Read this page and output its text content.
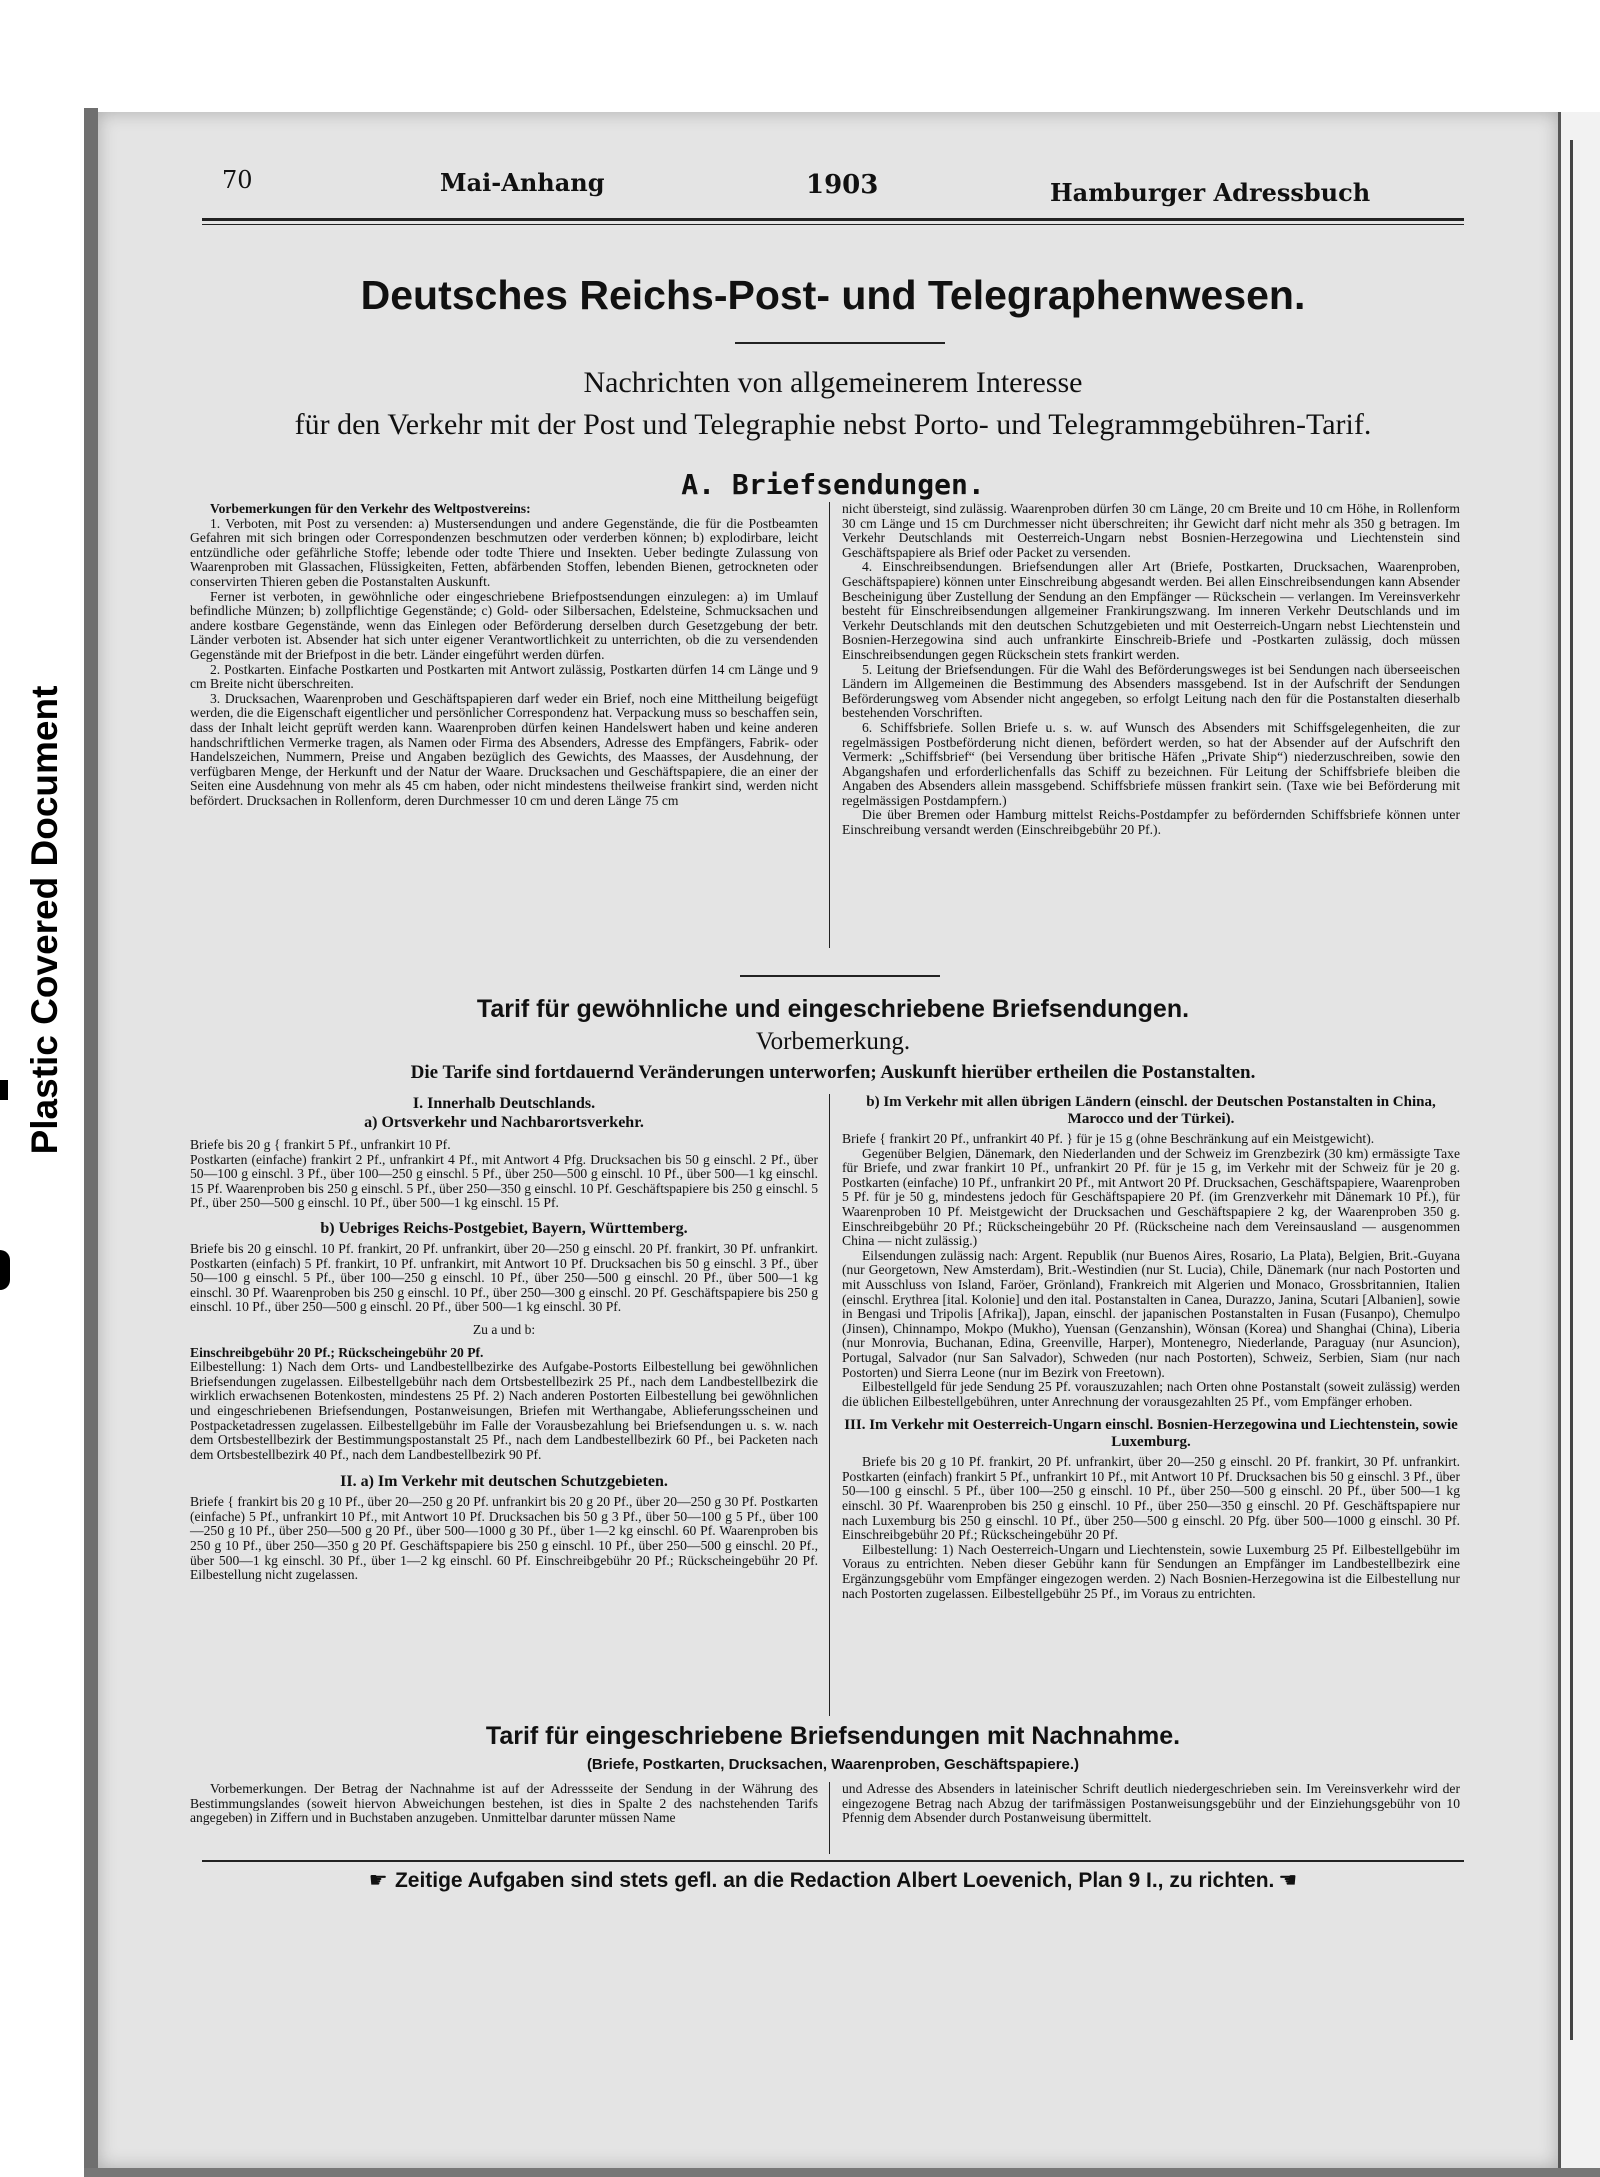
Plastic Covered Document
70	Mai-Anhang	1903	Hamburger Adressbuch
Deutsches Reichs-Post- und Telegraphenwesen.
Nachrichten von allgemeinerem Interesse
für den Verkehr mit der Post und Telegraphie nebst Porto- und Telegrammgebühren-Tarif.
A. Briefsendungen.

Vorbemerkungen für den Verkehr des Weltpostvereins:

1. Verboten, mit Post zu versenden: a) Mustersendungen und andere Gegenstände, die für die Postbeamten Gefahren mit sich bringen oder Correspondenzen beschmutzen oder verderben können; b) explodirbare, leicht entzündliche oder gefährliche Stoffe; lebende oder todte Thiere und Insekten. Ueber bedingte Zulassung von Waarenproben mit Glassachen, Flüssigkeiten, Fetten, abfärbenden Stoffen, lebenden Bienen, getrockneten oder conservirten Thieren geben die Postanstalten Auskunft.

Ferner ist verboten, in gewöhnliche oder eingeschriebene Briefpostsendungen einzulegen: a) im Umlauf befindliche Münzen; b) zollpflichtige Gegenstände; c) Gold- oder Silbersachen, Edelsteine, Schmucksachen und andere kostbare Gegenstände, wenn das Einlegen oder Beförderung derselben durch Gesetzgebung der betr. Länder verboten ist. Absender hat sich unter eigener Verantwortlichkeit zu unterrichten, ob die zu versendenden Gegenstände mit der Briefpost in die betr. Länder eingeführt werden dürfen.

2. Postkarten. Einfache Postkarten und Postkarten mit Antwort zulässig, Postkarten dürfen 14 cm Länge und 9 cm Breite nicht überschreiten.

3. Drucksachen, Waarenproben und Geschäftspapieren darf weder ein Brief, noch eine Mittheilung beigefügt werden, die die Eigenschaft eigentlicher und persönlicher Correspondenz hat. Verpackung muss so beschaffen sein, dass der Inhalt leicht geprüft werden kann. Waarenproben dürfen keinen Handelswert haben und keine anderen handschriftlichen Vermerke tragen, als Namen oder Firma des Absenders, Adresse des Empfängers, Fabrik- oder Handelszeichen, Nummern, Preise und Angaben bezüglich des Gewichts, des Maasses, der Ausdehnung, der verfügbaren Menge, der Herkunft und der Natur der Waare. Drucksachen und Geschäftspapiere, die an einer der Seiten eine Ausdehnung von mehr als 45 cm haben, oder nicht mindestens theilweise frankirt sind, werden nicht befördert. Drucksachen in Rollenform, deren Durchmesser 10 cm und deren Länge 75 cm

nicht übersteigt, sind zulässig. Waarenproben dürfen 30 cm Länge, 20 cm Breite und 10 cm Höhe, in Rollenform 30 cm Länge und 15 cm Durchmesser nicht überschreiten; ihr Gewicht darf nicht mehr als 350 g betragen. Im Verkehr Deutschlands mit Oesterreich-Ungarn nebst Bosnien-Herzegowina und Liechtenstein sind Geschäftspapiere als Brief oder Packet zu versenden.

4. Einschreibsendungen. Briefsendungen aller Art (Briefe, Postkarten, Drucksachen, Waarenproben, Geschäftspapiere) können unter Einschreibung abgesandt werden. Bei allen Einschreibsendungen kann Absender Bescheinigung über Zustellung der Sendung an den Empfänger — Rückschein — verlangen. Im Vereinsverkehr besteht für Einschreibsendungen allgemeiner Frankirungszwang. Im inneren Verkehr Deutschlands und im Verkehr Deutschlands mit den deutschen Schutzgebieten und mit Oesterreich-Ungarn nebst Liechtenstein und Bosnien-Herzegowina sind auch unfrankirte Einschreib-Briefe und -Postkarten zulässig, doch müssen Einschreibsendungen gegen Rückschein stets frankirt werden.

5. Leitung der Briefsendungen. Für die Wahl des Beförderungsweges ist bei Sendungen nach überseeischen Ländern im Allgemeinen die Bestimmung des Absenders massgebend. Ist in der Aufschrift der Sendungen Beförderungsweg vom Absender nicht angegeben, so erfolgt Leitung nach den für die Postanstalten dieserhalb bestehenden Vorschriften.

6. Schiffsbriefe. Sollen Briefe u. s. w. auf Wunsch des Absenders mit Schiffsgelegenheiten, die zur regelmässigen Postbeförderung nicht dienen, befördert werden, so hat der Absender auf der Aufschrift den Vermerk: „Schiffsbrief“ (bei Versendung über britische Häfen „Private Ship“) niederzuschreiben, sowie den Abgangshafen und erforderlichenfalls das Schiff zu bezeichnen. Für Leitung der Schiffsbriefe bleiben die Angaben des Absenders allein massgebend. Schiffsbriefe müssen frankirt sein. (Taxe wie bei Beförderung mit regelmässigen Postdampfern.)

Die über Bremen oder Hamburg mittelst Reichs-Postdampfer zu befördernden Schiffsbriefe können unter Einschreibung versandt werden (Einschreibgebühr 20 Pf.).

Tarif für gewöhnliche und eingeschriebene Briefsendungen.
Vorbemerkung.
Die Tarife sind fortdauernd Veränderungen unterworfen; Auskunft hierüber ertheilen die Postanstalten.

I. Innerhalb Deutschlands.

a) Ortsverkehr und Nachbarortsverkehr.

Briefe bis 20 g { frankirt 5 Pf., unfrankirt 10 Pf.

Postkarten (einfache) frankirt 2 Pf., unfrankirt 4 Pf., mit Antwort 4 Pfg. Drucksachen bis 50 g einschl. 2 Pf., über 50—100 g einschl. 3 Pf., über 100—250 g einschl. 5 Pf., über 250—500 g einschl. 10 Pf., über 500—1 kg einschl. 15 Pf. Waarenproben bis 250 g einschl. 5 Pf., über 250—350 g einschl. 10 Pf. Geschäftspapiere bis 250 g einschl. 5 Pf., über 250—500 g einschl. 10 Pf., über 500—1 kg einschl. 15 Pf.

b) Uebriges Reichs-Postgebiet, Bayern, Württemberg.

Briefe bis 20 g einschl. 10 Pf. frankirt, 20 Pf. unfrankirt, über 20—250 g einschl. 20 Pf. frankirt, 30 Pf. unfrankirt. Postkarten (einfach) 5 Pf. frankirt, 10 Pf. unfrankirt, mit Antwort 10 Pf. Drucksachen bis 50 g einschl. 3 Pf., über 50—100 g einschl. 5 Pf., über 100—250 g einschl. 10 Pf., über 250—500 g einschl. 20 Pf., über 500—1 kg einschl. 30 Pf. Waarenproben bis 250 g einschl. 10 Pf., über 250—300 g einschl. 20 Pf. Geschäftspapiere bis 250 g einschl. 10 Pf., über 250—500 g einschl. 20 Pf., über 500—1 kg einschl. 30 Pf.

Zu a und b:

Einschreibgebühr 20 Pf.; Rückscheingebühr 20 Pf.

Eilbestellung: 1) Nach dem Orts- und Landbestellbezirke des Aufgabe-Postorts Eilbestellung bei gewöhnlichen Briefsendungen zugelassen. Eilbestellgebühr nach dem Ortsbestellbezirk 25 Pf., nach dem Landbestellbezirk die wirklich erwachsenen Botenkosten, mindestens 25 Pf. 2) Nach anderen Postorten Eilbestellung bei gewöhnlichen und eingeschriebenen Briefsendungen, Postanweisungen, Briefen mit Werthangabe, Ablieferungsscheinen und Postpacketadressen zugelassen. Eilbestellgebühr im Falle der Vorausbezahlung bei Briefsendungen u. s. w. nach dem Ortsbestellbezirk der Bestimmungspostanstalt 25 Pf., nach dem Landbestellbezirk 60 Pf., bei Packeten nach dem Ortsbestellbezirk 40 Pf., nach dem Landbestellbezirk 90 Pf.

II. a) Im Verkehr mit deutschen Schutzgebieten.

Briefe { frankirt bis 20 g 10 Pf., über 20—250 g 20 Pf. unfrankirt bis 20 g 20 Pf., über 20—250 g 30 Pf. Postkarten (einfache) 5 Pf., unfrankirt 10 Pf., mit Antwort 10 Pf. Drucksachen bis 50 g 3 Pf., über 50—100 g 5 Pf., über 100—250 g 10 Pf., über 250—500 g 20 Pf., über 500—1000 g 30 Pf., über 1—2 kg einschl. 60 Pf. Waarenproben bis 250 g 10 Pf., über 250—350 g 20 Pf. Geschäftspapiere bis 250 g einschl. 10 Pf., über 250—500 g einschl. 20 Pf., über 500—1 kg einschl. 30 Pf., über 1—2 kg einschl. 60 Pf. Einschreibgebühr 20 Pf.; Rückscheingebühr 20 Pf. Eilbestellung nicht zugelassen.

b) Im Verkehr mit allen übrigen Ländern (einschl. der Deutschen Postanstalten in China, Marocco und der Türkei).

Briefe { frankirt 20 Pf., unfrankirt 40 Pf. } für je 15 g (ohne Beschränkung auf ein Meistgewicht).

Gegenüber Belgien, Dänemark, den Niederlanden und der Schweiz im Grenzbezirk (30 km) ermässigte Taxe für Briefe, und zwar frankirt 10 Pf., unfrankirt 20 Pf. für je 15 g, im Verkehr mit der Schweiz für je 20 g. Postkarten (einfache) 10 Pf., unfrankirt 20 Pf., mit Antwort 20 Pf. Drucksachen, Geschäftspapiere, Waarenproben 5 Pf. für je 50 g, mindestens jedoch für Geschäftspapiere 20 Pf. (im Grenzverkehr mit Dänemark 10 Pf.), für Waarenproben 10 Pf. Meistgewicht der Drucksachen und Geschäftspapiere 2 kg, der Waarenproben 350 g. Einschreibgebühr 20 Pf.; Rückscheingebühr 20 Pf. (Rückscheine nach dem Vereinsausland — ausgenommen China — nicht zulässig.)

Eilsendungen zulässig nach: Argent. Republik (nur Buenos Aires, Rosario, La Plata), Belgien, Brit.-Guyana (nur Georgetown, New Amsterdam), Brit.-Westindien (nur St. Lucia), Chile, Dänemark (nur nach Postorten und mit Ausschluss von Island, Faröer, Grönland), Frankreich mit Algerien und Monaco, Grossbritannien, Italien (einschl. Erythrea [ital. Kolonie] und den ital. Postanstalten in Canea, Durazzo, Janina, Scutari [Albanien], sowie in Bengasi und Tripolis [Afrika]), Japan, einschl. der japanischen Postanstalten in Fusan (Fusanpo), Chemulpo (Jinsen), Chinnampo, Mokpo (Mukho), Yuensan (Genzanshin), Wönsan (Korea) und Shanghai (China), Liberia (nur Monrovia, Buchanan, Edina, Greenville, Harper), Montenegro, Niederlande, Paraguay (nur Asuncion), Portugal, Salvador (nur San Salvador), Schweden (nur nach Postorten), Schweiz, Serbien, Siam (nur nach Postorten) und Sierra Leone (nur im Bezirk von Freetown).

Eilbestellgeld für jede Sendung 25 Pf. vorauszuzahlen; nach Orten ohne Postanstalt (soweit zulässig) werden die üblichen Eilbestellgebühren, unter Anrechnung der vorausgezahlten 25 Pf., vom Empfänger erhoben.

III. Im Verkehr mit Oesterreich-Ungarn einschl. Bosnien-Herzegowina und Liechtenstein, sowie Luxemburg.

Briefe bis 20 g 10 Pf. frankirt, 20 Pf. unfrankirt, über 20—250 g einschl. 20 Pf. frankirt, 30 Pf. unfrankirt. Postkarten (einfach) frankirt 5 Pf., unfrankirt 10 Pf., mit Antwort 10 Pf. Drucksachen bis 50 g einschl. 3 Pf., über 50—100 g einschl. 5 Pf., über 100—250 g einschl. 10 Pf., über 250—500 g einschl. 20 Pf., über 500—1 kg einschl. 30 Pf. Waarenproben bis 250 g einschl. 10 Pf., über 250—350 g einschl. 20 Pf. Geschäftspapiere nur nach Luxemburg bis 250 g einschl. 10 Pf., über 250—500 g einschl. 20 Pfg. über 500—1000 g einschl. 30 Pf. Einschreibgebühr 20 Pf.; Rückscheingebühr 20 Pf.

Eilbestellung: 1) Nach Oesterreich-Ungarn und Liechtenstein, sowie Luxemburg 25 Pf. Eilbestellgebühr im Voraus zu entrichten. Neben dieser Gebühr kann für Sendungen an Empfänger im Landbestellbezirk eine Ergänzungsgebühr vom Empfänger eingezogen werden. 2) Nach Bosnien-Herzegowina ist die Eilbestellung nur nach Postorten zugelassen. Eilbestellgebühr 25 Pf., im Voraus zu entrichten.

Tarif für eingeschriebene Briefsendungen mit Nachnahme.
(Briefe, Postkarten, Drucksachen, Waarenproben, Geschäftspapiere.)

Vorbemerkungen. Der Betrag der Nachnahme ist auf der Adressseite der Sendung in der Währung des Bestimmungslandes (soweit hiervon Abweichungen bestehen, ist dies in Spalte 2 des nachstehenden Tarifs angegeben) in Ziffern und in Buchstaben anzugeben. Unmittelbar darunter müssen Name

und Adresse des Absenders in lateinischer Schrift deutlich niedergeschrieben sein. Im Vereinsverkehr wird der eingezogene Betrag nach Abzug der tarifmässigen Postanweisungsgebühr und der Einziehungsgebühr von 10 Pfennig dem Absender durch Postanweisung übermittelt.

☛ Zeitige Aufgaben sind stets gefl. an die Redaction Albert Loevenich, Plan 9 I., zu richten. ☚
